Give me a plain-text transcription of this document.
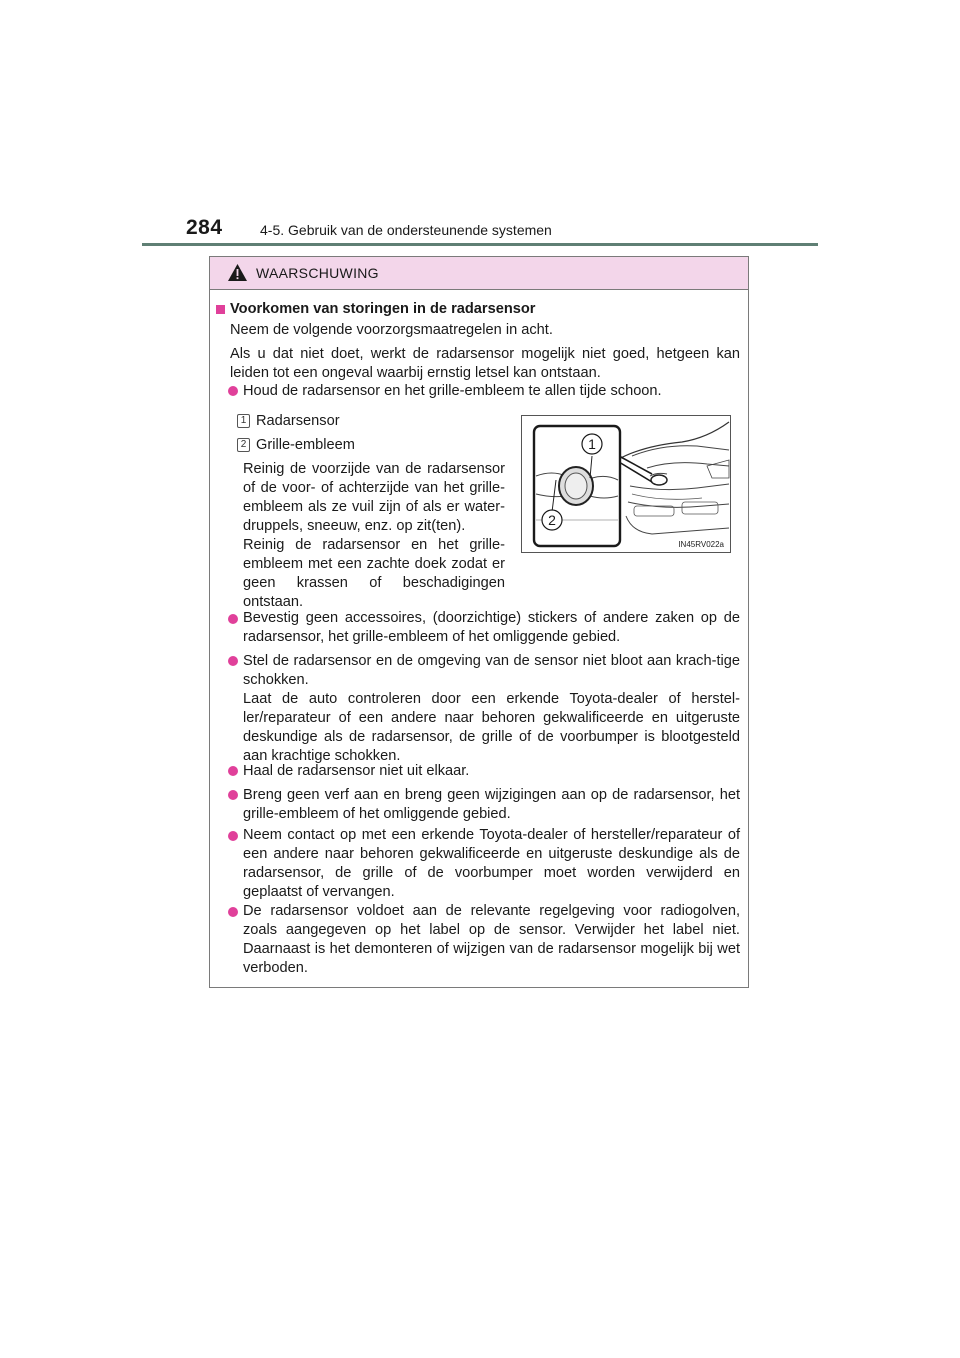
284	4-5. Gebruik van de ondersteunende systemen
WAARSCHUWING
Voorkomen van storingen in de radarsensor
Neem de volgende voorzorgsmaatregelen in acht.
Als u dat niet doet, werkt de radarsensor mogelijk niet goed, hetgeen kan leiden tot een ongeval waarbij ernstig letsel kan ontstaan.
Houd de radarsensor en het grille-embleem te allen tijde schoon.
1 Radarsensor
2 Grille-embleem
Reinig de voorzijde van de radarsensor of de voor- of achterzijde van het grille-embleem als ze vuil zijn of als er water-druppels, sneeuw, enz. op zit(ten).
Reinig de radarsensor en het grille-embleem met een zachte doek zodat er geen krassen of beschadigingen ontstaan.
1
2
IN45RV022a
Bevestig geen accessoires, (doorzichtige) stickers of andere zaken op de radarsensor, het grille-embleem of het omliggende gebied.
Stel de radarsensor en de omgeving van de sensor niet bloot aan krach-tige schokken.
Laat de auto controleren door een erkende Toyota-dealer of herstel-ler/reparateur of een andere naar behoren gekwalificeerde en uitgeruste deskundige als de radarsensor, de grille of de voorbumper is blootgesteld aan krachtige schokken.
Haal de radarsensor niet uit elkaar.
Breng geen verf aan en breng geen wijzigingen aan op de radarsensor, het grille-embleem of het omliggende gebied.
Neem contact op met een erkende Toyota-dealer of hersteller/reparateur of een andere naar behoren gekwalificeerde en uitgeruste deskundige als de radarsensor, de grille of de voorbumper moet worden verwijderd en geplaatst of vervangen.
De radarsensor voldoet aan de relevante regelgeving voor radiogolven, zoals aangegeven op het label op de sensor. Verwijder het label niet. Daarnaast is het demonteren of wijzigen van de radarsensor mogelijk bij wet verboden.
